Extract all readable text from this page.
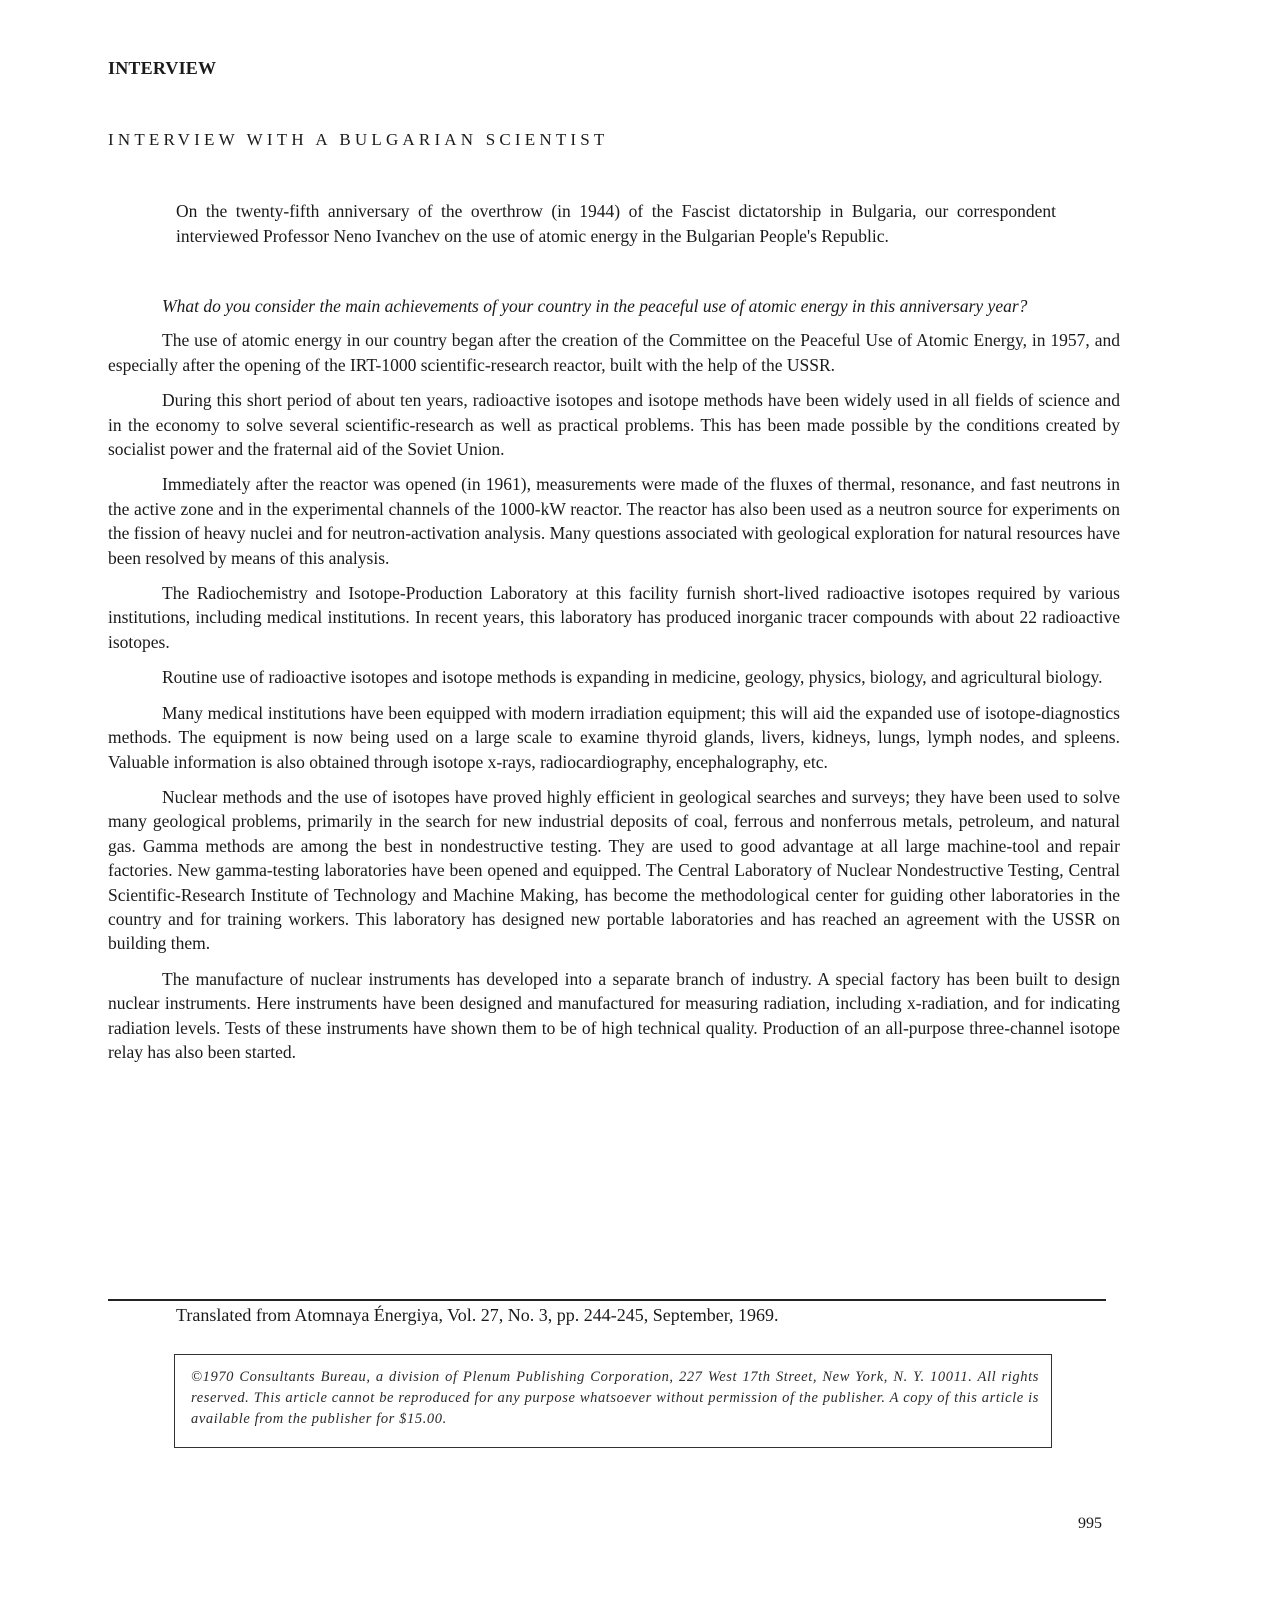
INTERVIEW
INTERVIEW WITH A BULGARIAN SCIENTIST
On the twenty-fifth anniversary of the overthrow (in 1944) of the Fascist dictatorship in Bulgaria, our correspondent interviewed Professor Neno Ivanchev on the use of atomic energy in the Bulgarian People's Republic.

What do you consider the main achievements of your country in the peaceful use of atomic energy in this anniversary year?

The use of atomic energy in our country began after the creation of the Committee on the Peaceful Use of Atomic Energy, in 1957, and especially after the opening of the IRT-1000 scientific-research reactor, built with the help of the USSR.

During this short period of about ten years, radioactive isotopes and isotope methods have been widely used in all fields of science and in the economy to solve several scientific-research as well as practical problems. This has been made possible by the conditions created by socialist power and the fraternal aid of the Soviet Union.

Immediately after the reactor was opened (in 1961), measurements were made of the fluxes of thermal, resonance, and fast neutrons in the active zone and in the experimental channels of the 1000-kW reactor. The reactor has also been used as a neutron source for experiments on the fission of heavy nuclei and for neutron-activation analysis. Many questions associated with geological exploration for natural resources have been resolved by means of this analysis.

The Radiochemistry and Isotope-Production Laboratory at this facility furnish short-lived radioactive isotopes required by various institutions, including medical institutions. In recent years, this laboratory has produced inorganic tracer compounds with about 22 radioactive isotopes.

Routine use of radioactive isotopes and isotope methods is expanding in medicine, geology, physics, biology, and agricultural biology.

Many medical institutions have been equipped with modern irradiation equipment; this will aid the expanded use of isotope-diagnostics methods. The equipment is now being used on a large scale to examine thyroid glands, livers, kidneys, lungs, lymph nodes, and spleens. Valuable information is also obtained through isotope x-rays, radiocardiography, encephalography, etc.

Nuclear methods and the use of isotopes have proved highly efficient in geological searches and surveys; they have been used to solve many geological problems, primarily in the search for new industrial deposits of coal, ferrous and nonferrous metals, petroleum, and natural gas. Gamma methods are among the best in nondestructive testing. They are used to good advantage at all large machine-tool and repair factories. New gamma-testing laboratories have been opened and equipped. The Central Laboratory of Nuclear Nondestructive Testing, Central Scientific-Research Institute of Technology and Machine Making, has become the methodological center for guiding other laboratories in the country and for training workers. This laboratory has designed new portable laboratories and has reached an agreement with the USSR on building them.

The manufacture of nuclear instruments has developed into a separate branch of industry. A special factory has been built to design nuclear instruments. Here instruments have been designed and manufactured for measuring radiation, including x-radiation, and for indicating radiation levels. Tests of these instruments have shown them to be of high technical quality. Production of an all-purpose three-channel isotope relay has also been started.

Translated from Atomnaya Énergiya, Vol. 27, No. 3, pp. 244-245, September, 1969.
©1970 Consultants Bureau, a division of Plenum Publishing Corporation, 227 West 17th Street, New York, N. Y. 10011. All rights reserved. This article cannot be reproduced for any purpose whatsoever without permission of the publisher. A copy of this article is available from the publisher for $15.00.
995
